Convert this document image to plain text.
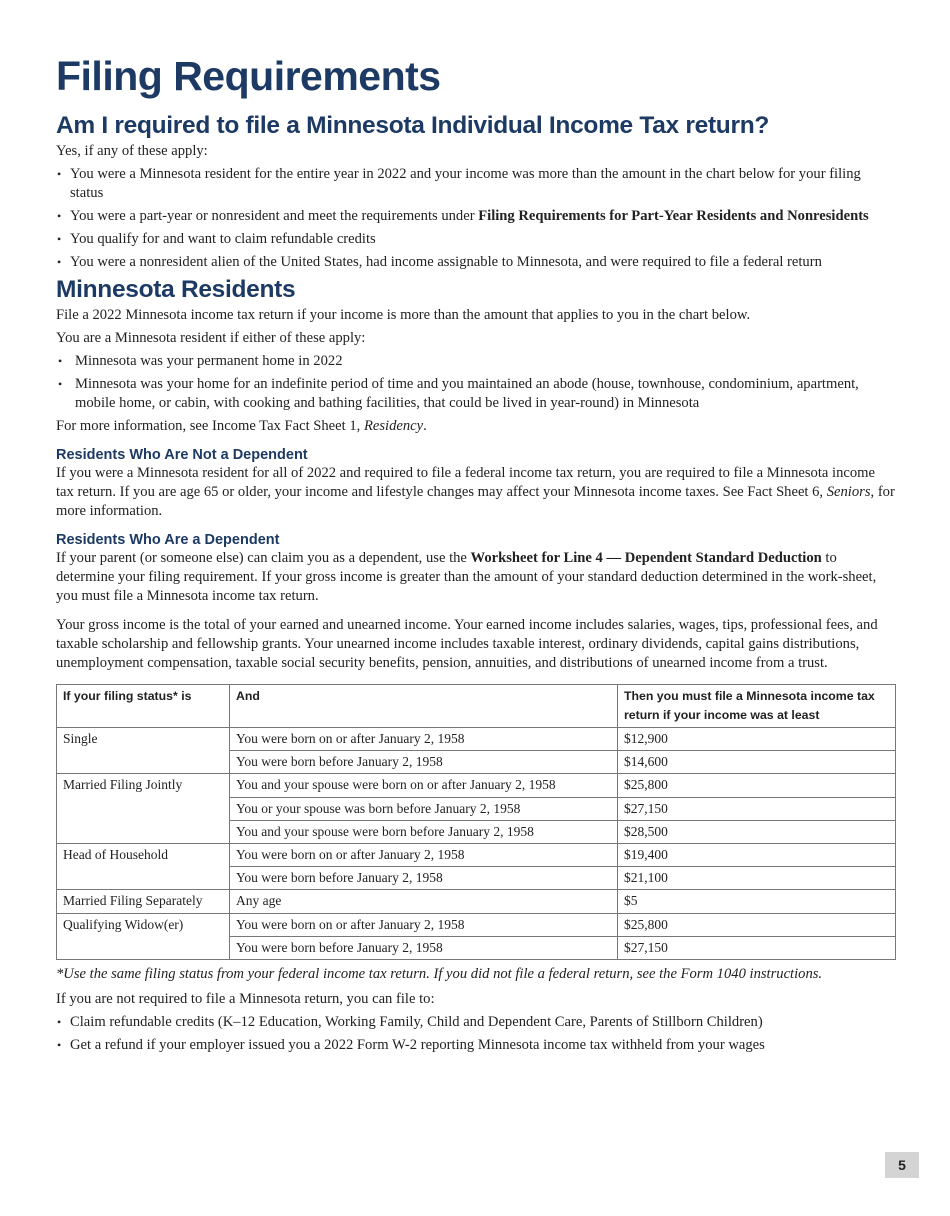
Filing Requirements
Am I required to file a Minnesota Individual Income Tax return?

Yes, if any of these apply:

• You were a Minnesota resident for the entire year in 2022 and your income was more than the amount in the chart below for your filing status
• You were a part-year or nonresident and meet the requirements under Filing Requirements for Part-Year Residents and Nonresidents
• You qualify for and want to claim refundable credits
• You were a nonresident alien of the United States, had income assignable to Minnesota, and were required to file a federal return
Minnesota Residents

File a 2022 Minnesota income tax return if your income is more than the amount that applies to you in the chart below.

You are a Minnesota resident if either of these apply:

• Minnesota was your permanent home in 2022
• Minnesota was your home for an indefinite period of time and you maintained an abode (house, townhouse, condominium, apartment, mobile home, or cabin, with cooking and bathing facilities, that could be lived in year-round) in Minnesota

For more information, see Income Tax Fact Sheet 1, Residency.

Residents Who Are Not a Dependent

If you were a Minnesota resident for all of 2022 and required to file a federal income tax return, you are required to file a Minnesota income tax return. If you are age 65 or older, your income and lifestyle changes may affect your Minnesota income taxes. See Fact Sheet 6, Seniors, for more information.

Residents Who Are a Dependent

If your parent (or someone else) can claim you as a dependent, use the Worksheet for Line 4 — Dependent Standard Deduction to determine your filing requirement. If your gross income is greater than the amount of your standard deduction determined in the work-sheet, you must file a Minnesota income tax return.

Your gross income is the total of your earned and unearned income. Your earned income includes salaries, wages, tips, professional fees, and taxable scholarship and fellowship grants. Your unearned income includes taxable interest, ordinary dividends, capital gains distributions, unemployment compensation, taxable social security benefits, pension, annuities, and distributions of unearned income from a trust.

If your filing status* is	And	Then you must file a Minnesota income tax return if your income was at least
Single	You were born on or after January 2, 1958	$12,900
	You were born before January 2, 1958	$14,600
Married Filing Jointly	You and your spouse were born on or after January 2, 1958	$25,800
	You or your spouse was born before January 2, 1958	$27,150
	You and your spouse were born before January 2, 1958	$28,500
Head of Household	You were born on or after January 2, 1958	$19,400
	You were born before January 2, 1958	$21,100
Married Filing Separately	Any age	$5
Qualifying Widow(er)	You were born on or after January 2, 1958	$25,800
	You were born before January 2, 1958	$27,150

*Use the same filing status from your federal income tax return. If you did not file a federal return, see the Form 1040 instructions.

If you are not required to file a Minnesota return, you can file to:

• Claim refundable credits (K–12 Education, Working Family, Child and Dependent Care, Parents of Stillborn Children)
• Get a refund if your employer issued you a 2022 Form W-2 reporting Minnesota income tax withheld from your wages
5
